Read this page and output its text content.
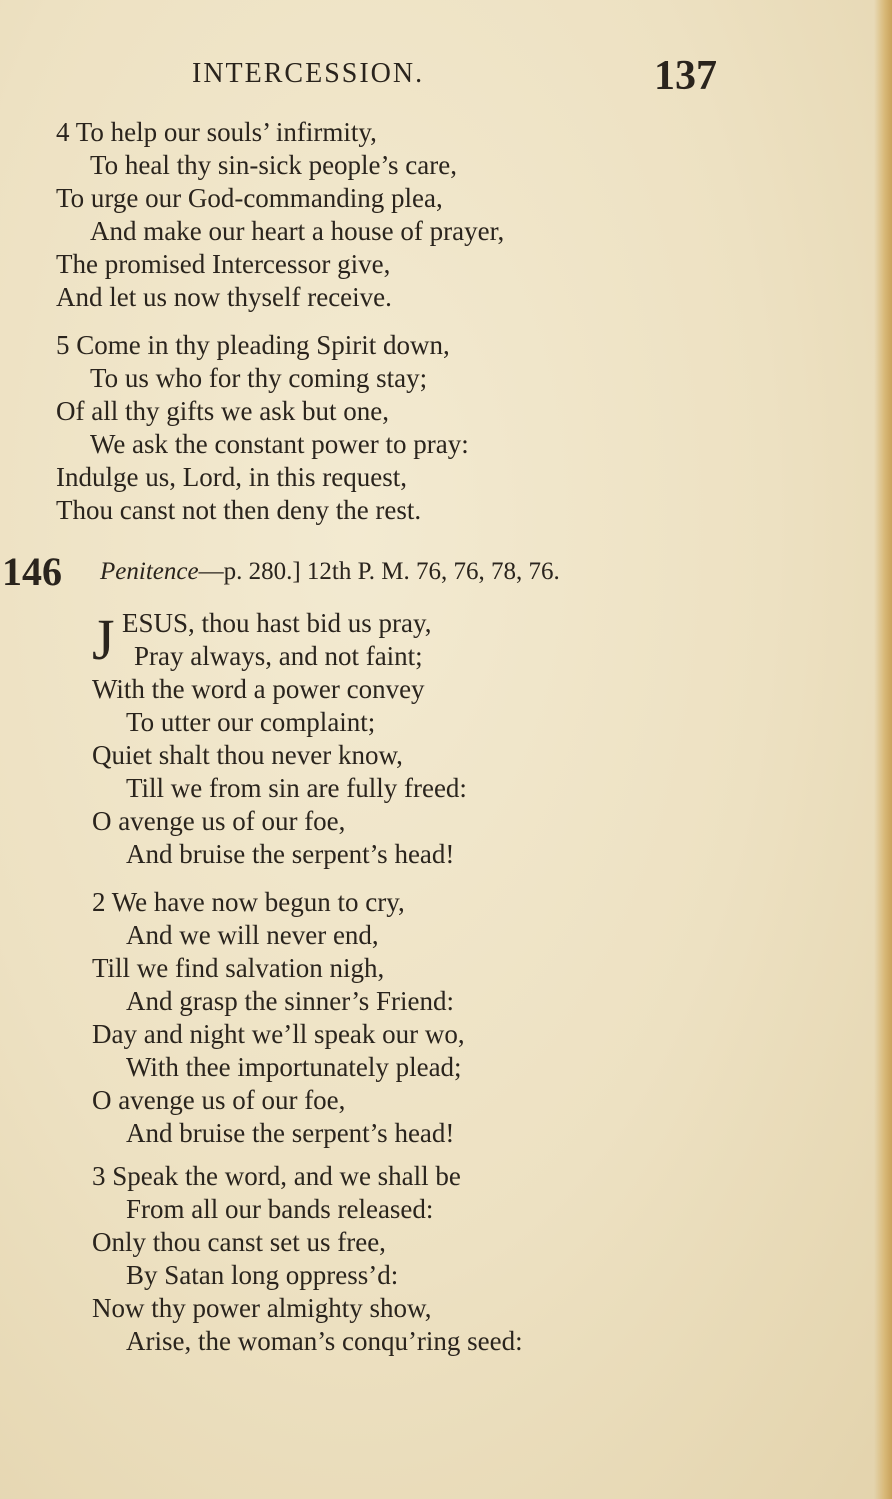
INTERCESSION.	137
4 To help our souls’ infirmity,
To heal thy sin-sick people’s care,
To urge our God-commanding plea,
And make our heart a house of prayer,
The promised Intercessor give,
And let us now thyself receive.
5 Come in thy pleading Spirit down,
To us who for thy coming stay;
Of all thy gifts we ask but one,
We ask the constant power to pray:
Indulge us, Lord, in this request,
Thou canst not then deny the rest.
146 Penitence—p. 280.] 12th P. M. 76, 76, 78, 76.
J ESUS, thou hast bid us pray,
Pray always, and not faint;
With the word a power convey
To utter our complaint;
Quiet shalt thou never know,
Till we from sin are fully freed:
O avenge us of our foe,
And bruise the serpent’s head!
2 We have now begun to cry,
And we will never end,
Till we find salvation nigh,
And grasp the sinner’s Friend:
Day and night we’ll speak our wo,
With thee importunately plead;
O avenge us of our foe,
And bruise the serpent’s head!
3 Speak the word, and we shall be
From all our bands released:
Only thou canst set us free,
By Satan long oppress’d:
Now thy power almighty show,
Arise, the woman’s conqu’ring seed:
